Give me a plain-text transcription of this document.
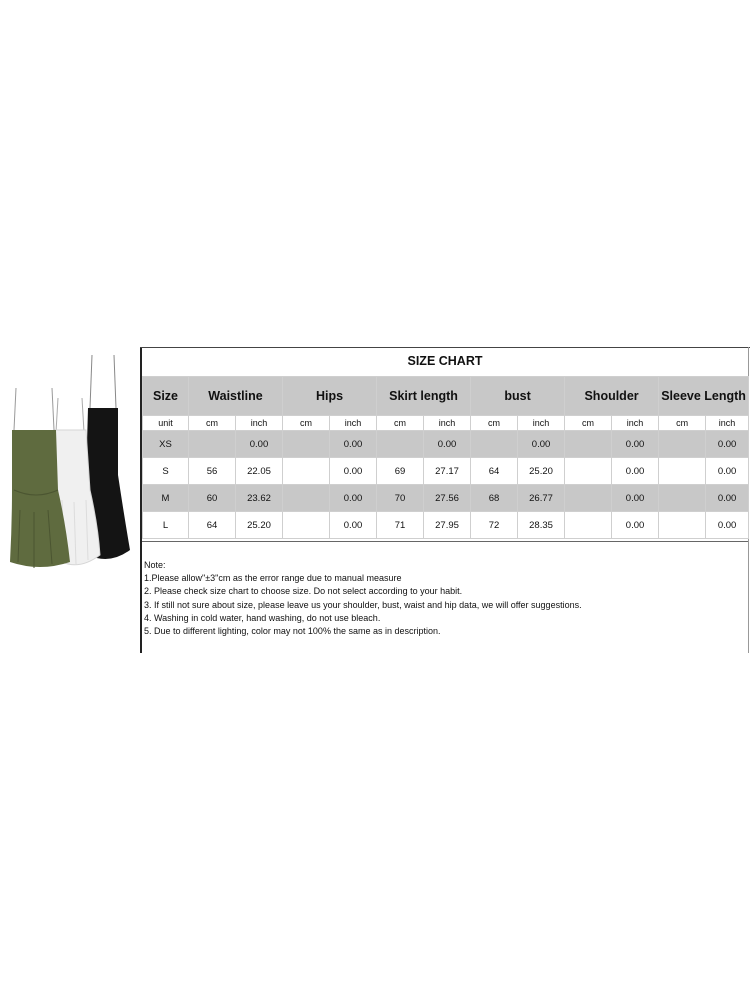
SIZE CHART
Size	Waistline		Hips		Skirt length		bust		Shoulder		Sleeve Length	
unit	cm	inch	cm	inch	cm	inch	cm	inch	cm	inch	cm	inch
XS		0.00		0.00		0.00		0.00		0.00		0.00
S	56	22.05		0.00	69	27.17	64	25.20		0.00		0.00
M	60	23.62		0.00	70	27.56	68	26.77		0.00		0.00
L	64	25.20		0.00	71	27.95	72	28.35		0.00		0.00
Note:
1.Please allow"±3"cm as the error range due to manual measure
2. Please check size chart to choose size. Do not select according to your habit.
3. If still not sure about size, please leave us your shoulder, bust, waist and hip data, we will offer suggestions.
4. Washing in cold water, hand washing, do not use bleach.
5. Due to different lighting, color may not 100% the same as in description.
